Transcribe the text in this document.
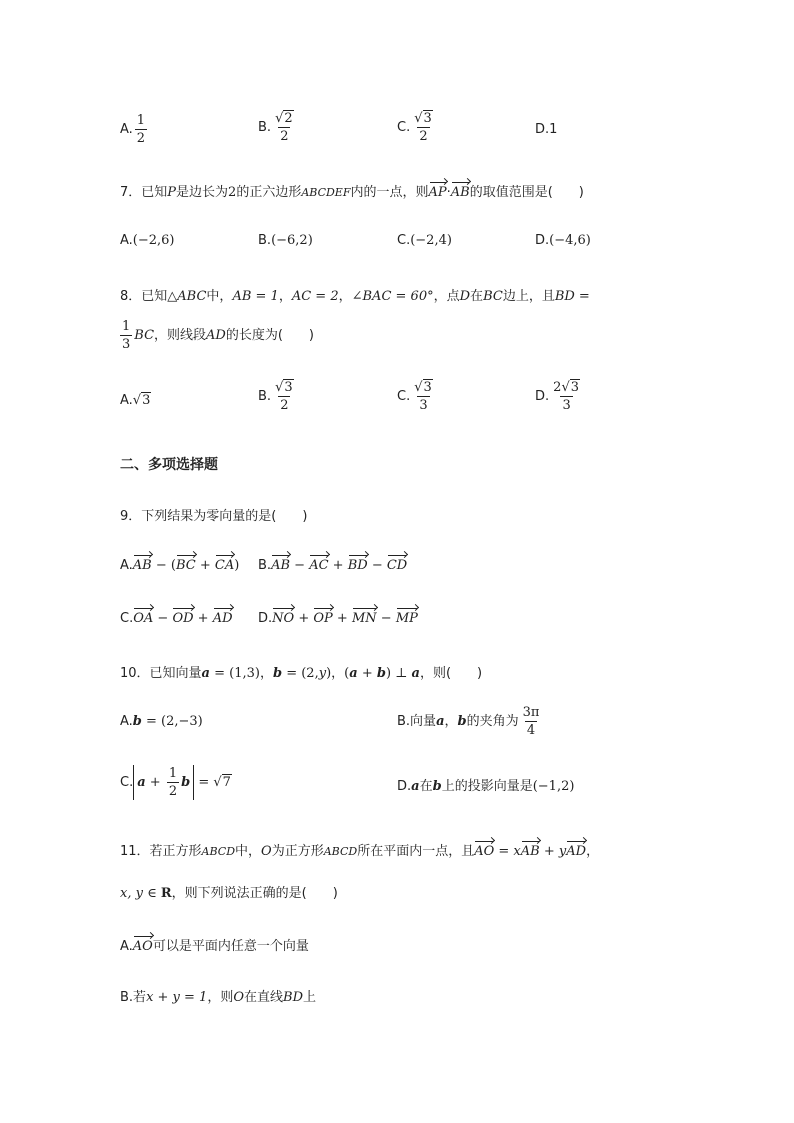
A. $\frac{1}{2}$	B. $\frac{√2}{2}$	C. $\frac{√3}{2}$	D.1
7．已知P是边长为2的正六边形ABCDEF内的一点，则AP·AB的取值范围是(　　)
A.(−2,6)	B.(−6,2)	C.(−2,4)	D.(−4,6)
8．已知△ABC中，AB = 1，AC = 2，∠BAC = 60°，点D在BC边上，且BD =
$\frac{1}{3}$ BC，则线段AD的长度为(　　)
A.√3	B. $\frac{√3}{2}$	C. $\frac{√3}{3}$	D. $\frac{2√3}{3}$
二、多项选择题
9．下列结果为零向量的是(　　)
A.AB − (BC + CA) B.AB − AC + BD − CD
C.OA − OD + AD D.NO + OP + MN − MP
10．已知向量a = (1,3)，b = (2,y)，(a + b) ⊥ a，则(　　)
A.b = (2,−3)	B.向量a，b的夹角为 $\frac{3\pi}{4}$
C. $a + \frac{1}{2}$ b = √7	D.a在b上的投影向量是(−1,2)
11．若正方形ABCD中，O为正方形ABCD所在平面内一点，且AO = xAB + yAD，
x, y ∈ R，则下列说法正确的是(　　)
A.AO可以是平面内任意一个向量
B.若x + y = 1，则O在直线BD上
